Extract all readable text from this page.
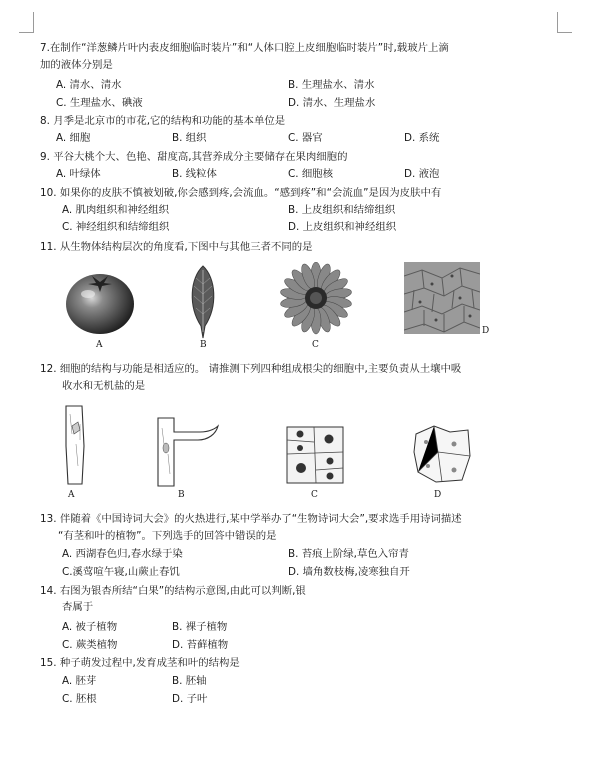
7.在制作“洋葱鳞片叶内表皮细胞临时装片”和“人体口腔上皮细胞临时装片”时,载玻片上滴
加的液体分别是
A. 清水、清水	B. 生理盐水、清水
C. 生理盐水、碘液	D. 清水、生理盐水
8. 月季是北京市的市花,它的结构和功能的基本单位是
A. 细胞	B. 组织	C. 器官	D. 系统
9. 平谷大桃个大、色艳、甜度高,其营养成分主要储存在果肉细胞的
A. 叶绿体	B. 线粒体	C. 细胞核	D. 液泡
10. 如果你的皮肤不慎被划破,你会感到疼,会流血。“感到疼”和“会流血”是因为皮肤中有
A. 肌肉组织和神经组织	B. 上皮组织和结缔组织
C. 神经组织和结缔组织	D. 上皮组织和神经组织
11. 从生物体结构层次的角度看,下图中与其他三者不同的是
A	B	C
D
12. 细胞的结构与功能是相适应的。 请推测下列四种组成根尖的细胞中,主要负责从土壤中吸
收水和无机盐的是
A	B	C	D
13. 伴随着《中国诗词大会》的火热进行,某中学举办了“生物诗词大会”,要求选手用诗词描述
“有茎和叶的植物”。下列选手的回答中错误的是
A. 西湖春色归,春水绿于染	B. 苔痕上阶绿,草色入帘青
C.溪莺喧午寝,山蕨止春饥	D. 墙角数枝梅,凌寒独自开
14. 右图为银杏所结“白果”的结构示意图,由此可以判断,银
杏属于
A. 被子植物	B. 裸子植物
C. 蕨类植物	D. 苔藓植物
15. 种子萌发过程中,发育成茎和叶的结构是
A. 胚芽	B. 胚轴
C. 胚根	D. 子叶
